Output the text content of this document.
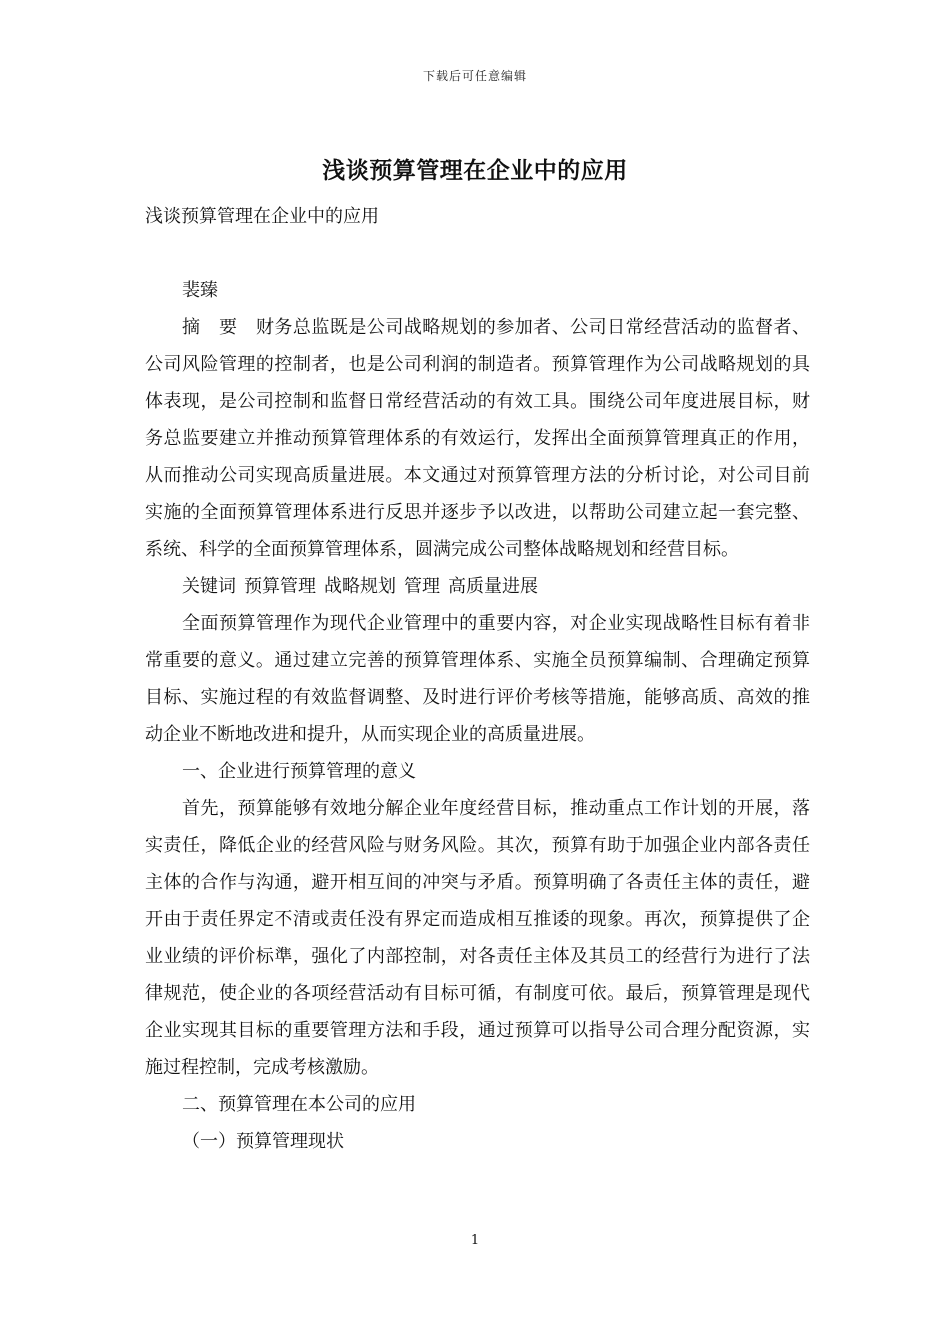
下载后可任意编辑
浅谈预算管理在企业中的应用

浅谈预算管理在企业中的应用

裴臻

摘　要　财务总监既是公司战略规划的参加者、公司日常经营活动的监督者、公司风险管理的控制者，也是公司利润的制造者。预算管理作为公司战略规划的具体表现，是公司控制和监督日常经营活动的有效工具。围绕公司年度进展目标，财务总监要建立并推动预算管理体系的有效运行，发挥出全面预算管理真正的作用，从而推动公司实现高质量进展。本文通过对预算管理方法的分析讨论，对公司目前实施的全面预算管理体系进行反思并逐步予以改进，以帮助公司建立起一套完整、系统、科学的全面预算管理体系，圆满完成公司整体战略规划和经营目标。

关键词 预算管理 战略规划 管理 高质量进展

全面预算管理作为现代企业管理中的重要内容，对企业实现战略性目标有着非常重要的意义。通过建立完善的预算管理体系、实施全员预算编制、合理确定预算目标、实施过程的有效监督调整、及时进行评价考核等措施，能够高质、高效的推动企业不断地改进和提升，从而实现企业的高质量进展。

一、企业进行预算管理的意义

首先，预算能够有效地分解企业年度经营目标，推动重点工作计划的开展，落实责任，降低企业的经营风险与财务风险。其次，预算有助于加强企业内部各责任主体的合作与沟通，避开相互间的冲突与矛盾。预算明确了各责任主体的责任，避开由于责任界定不清或责任没有界定而造成相互推诿的现象。再次，预算提供了企业业绩的评价标準，强化了内部控制，对各责任主体及其员工的经营行为进行了法律规范，使企业的各项经营活动有目标可循，有制度可依。最后，预算管理是现代企业实现其目标的重要管理方法和手段，通过预算可以指导公司合理分配资源，实施过程控制，完成考核激励。

二、预算管理在本公司的应用

（一）预算管理现状

1
